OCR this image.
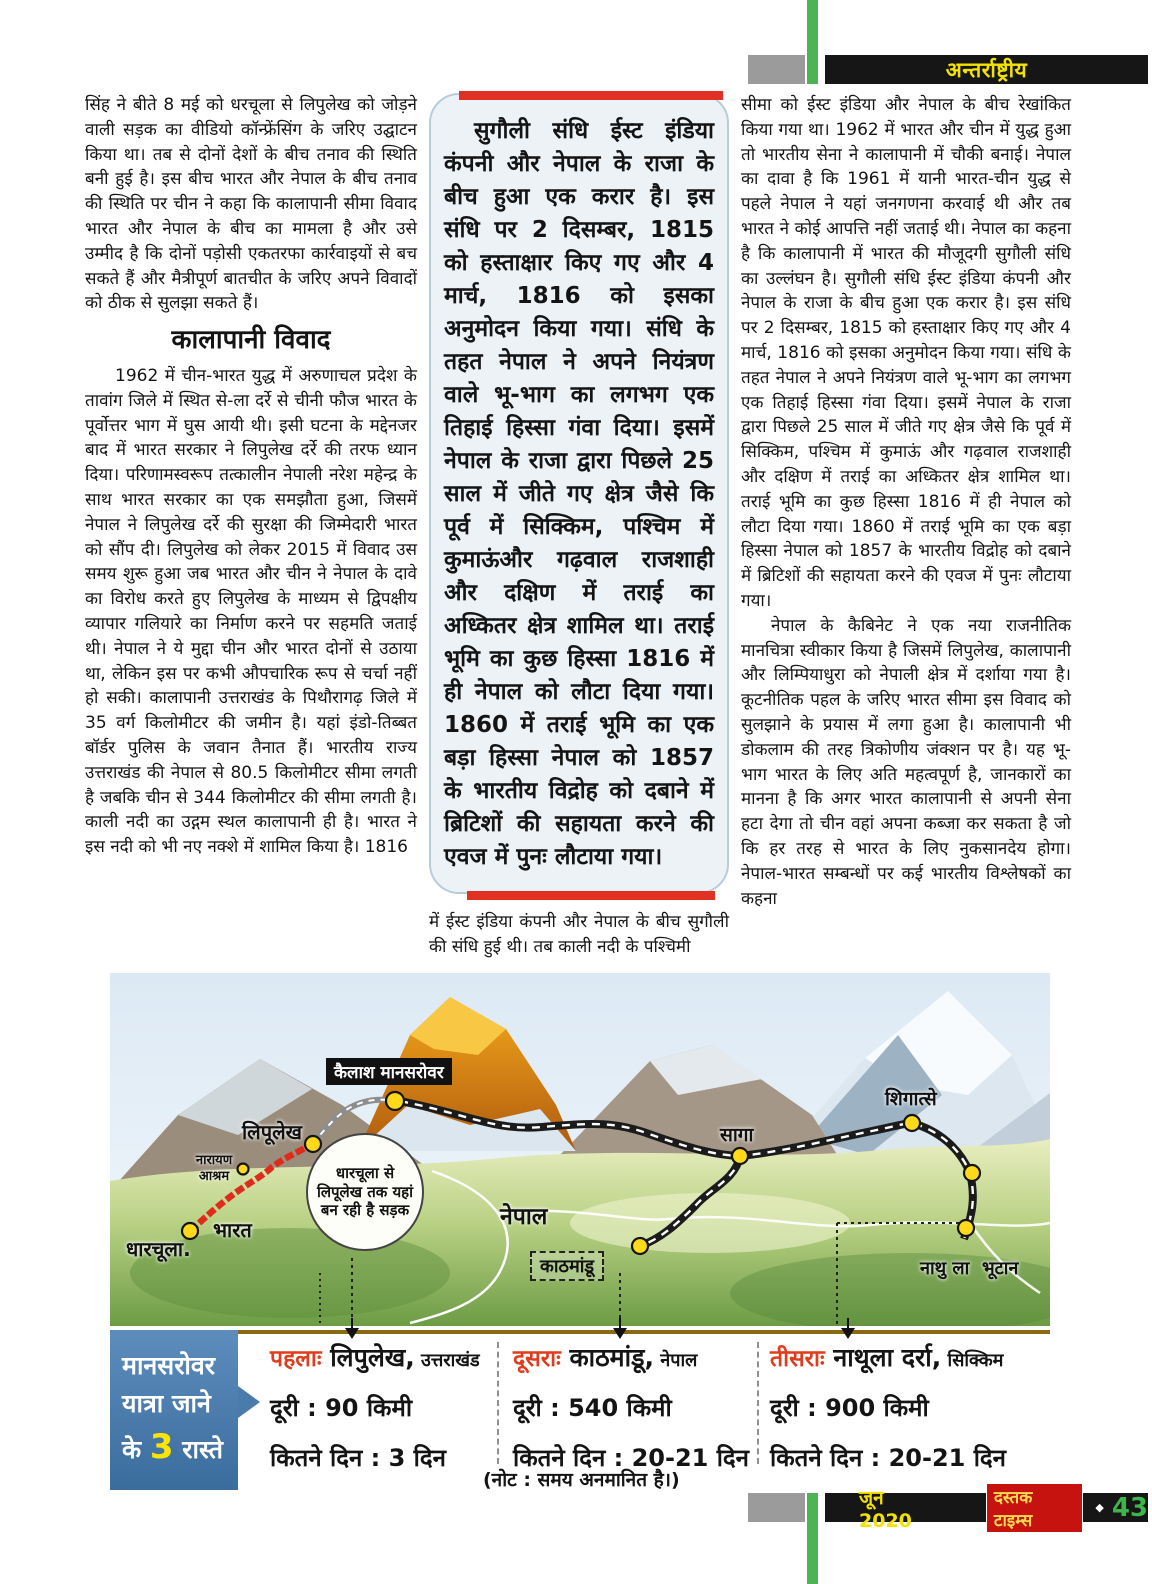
अन्तर्राष्ट्रीय

सिंह ने बीते 8 मई को धरचूला से लिपुलेख को जोड़ने वाली सड़क का वीडियो कॉन्फ्रेंसिंग के जरिए उद्घाटन किया था। तब से दोनों देशों के बीच तनाव की स्थिति बनी हुई है। इस बीच भारत और नेपाल के बीच तनाव की स्थिति पर चीन ने कहा कि कालापानी सीमा विवाद भारत और नेपाल के बीच का मामला है और उसे उम्मीद है कि दोनों पड़ोसी एकतरफा कार्रवाइयों से बच सकते हैं और मैत्रीपूर्ण बातचीत के जरिए अपने विवादों को ठीक से सुलझा सकते हैं।

कालापानी विवाद

1962 में चीन-भारत युद्ध में अरुणाचल प्रदेश के तावांग जिले में स्थित से-ला दर्रे से चीनी फौज भारत के पूर्वोत्तर भाग में घुस आयी थी। इसी घटना के मद्देनजर बाद में भारत सरकार ने लिपुलेख दर्रे की तरफ ध्यान दिया। परिणामस्वरूप तत्कालीन नेपाली नरेश महेन्द्र के साथ भारत सरकार का एक समझौता हुआ, जिसमें नेपाल ने लिपुलेख दर्रे की सुरक्षा की जिम्मेदारी भारत को सौंप दी। लिपुलेख को लेकर 2015 में विवाद उस समय शुरू हुआ जब भारत और चीन ने नेपाल के दावे का विरोध करते हुए लिपुलेख के माध्यम से द्विपक्षीय व्यापार गलियारे का निर्माण करने पर सहमति जताई थी। नेपाल ने ये मुद्दा चीन और भारत दोनों से उठाया था, लेकिन इस पर कभी औपचारिक रूप से चर्चा नहीं हो सकी। कालापानी उत्तराखंड के पिथौरागढ़ जिले में 35 वर्ग किलोमीटर की जमीन है। यहां इंडो-तिब्बत बॉर्डर पुलिस के जवान तैनात हैं। भारतीय राज्य उत्तराखंड की नेपाल से 80.5 किलोमीटर सीमा लगती है जबकि चीन से 344 किलोमीटर की सीमा लगती है। काली नदी का उद्गम स्थल कालापानी ही है। भारत ने इस नदी को भी नए नक्शे में शामिल किया है। 1816

सुगौली संधि ईस्ट इंडिया कंपनी और नेपाल के राजा के बीच हुआ एक करार है। इस संधि पर 2 दिसम्बर, 1815 को हस्ताक्षार किए गए और 4 मार्च, 1816 को इसका अनुमोदन किया गया। संधि के तहत नेपाल ने अपने नियंत्रण वाले भू-भाग का लगभग एक तिहाई हिस्सा गंवा दिया। इसमें नेपाल के राजा द्वारा पिछले 25 साल में जीते गए क्षेत्र जैसे कि पूर्व में सिक्किम, पश्चिम में कुमाऊंऔर गढ़वाल राजशाही और दक्षिण में तराई का अध्कितर क्षेत्र शामिल था। तराई भूमि का कुछ हिस्सा 1816 में ही नेपाल को लौटा दिया गया। 1860 में तराई भूमि का एक बड़ा हिस्सा नेपाल को 1857 के भारतीय विद्रोह को दबाने में ब्रिटिशों की सहायता करने की एवज में पुनः लौटाया गया।

में ईस्ट इंडिया कंपनी और नेपाल के बीच सुगौली की संधि हुई थी। तब काली नदी के पश्चिमी

सीमा को ईस्ट इंडिया और नेपाल के बीच रेखांकित किया गया था। 1962 में भारत और चीन में युद्ध हुआ तो भारतीय सेना ने कालापानी में चौकी बनाई। नेपाल का दावा है कि 1961 में यानी भारत-चीन युद्ध से पहले नेपाल ने यहां जनगणना करवाई थी और तब भारत ने कोई आपत्ति नहीं जताई थी। नेपाल का कहना है कि कालापानी में भारत की मौजूदगी सुगौली संधि का उल्लंघन है। सुगौली संधि ईस्ट इंडिया कंपनी और नेपाल के राजा के बीच हुआ एक करार है। इस संधि पर 2 दिसम्बर, 1815 को हस्ताक्षार किए गए और 4 मार्च, 1816 को इसका अनुमोदन किया गया। संधि के तहत नेपाल ने अपने नियंत्रण वाले भू-भाग का लगभग एक तिहाई हिस्सा गंवा दिया। इसमें नेपाल के राजा द्वारा पिछले 25 साल में जीते गए क्षेत्र जैसे कि पूर्व में सिक्किम, पश्चिम में कुमाऊं और गढ़वाल राजशाही और दक्षिण में तराई का अध्कितर क्षेत्र शामिल था। तराई भूमि का कुछ हिस्सा 1816 में ही नेपाल को लौटा दिया गया। 1860 में तराई भूमि का एक बड़ा हिस्सा नेपाल को 1857 के भारतीय विद्रोह को दबाने में ब्रिटिशों की सहायता करने की एवज में पुनः लौटाया गया।

नेपाल के कैबिनेट ने एक नया राजनीतिक मानचित्रा स्वीकार किया है जिसमें लिपुलेख, कालापानी और लिम्पियाधुरा को नेपाली क्षेत्र में दर्शाया गया है। कूटनीतिक पहल के जरिए भारत सीमा इस विवाद को सुलझाने के प्रयास में लगा हुआ है। कालापानी भी डोकलाम की तरह त्रिकोणीय जंक्शन पर है। यह भू-भाग भारत के लिए अति महत्वपूर्ण है, जानकारों का मानना है कि अगर भारत कालापानी से अपनी सेना हटा देगा तो चीन वहां अपना कब्जा कर सकता है जो कि हर तरह से भारत के लिए नुकसानदेय होगा। नेपाल-भारत सम्बन्धों पर कई भारतीय विश्लेषकों का कहना

कैलाश मानसरोवर
लिपूलेख
नारायण आश्रम
भारत
धारचूला.
नेपाल
सागा
शिगात्से
काठमांडू	नाथु ला भूटान
धारचूला से लिपूलेख तक यहां बन रही है सड़क
मानसरोवर
यात्रा जाने
के 3 रास्ते
पहलाः लिपुलेख, उत्तराखंड
दूरी : 90 किमी
कितने दिन : 3 दिन
दूसराः काठमांडू, नेपाल
दूरी : 540 किमी
कितने दिन : 20-21 दिन
तीसराः नाथूला दर्रा, सिक्किम
दूरी : 900 किमी
कितने दिन : 20-21 दिन
(नोट : समय अनमानित है।)
जून 2020
दस्तक टाइम्स
◆ 43
